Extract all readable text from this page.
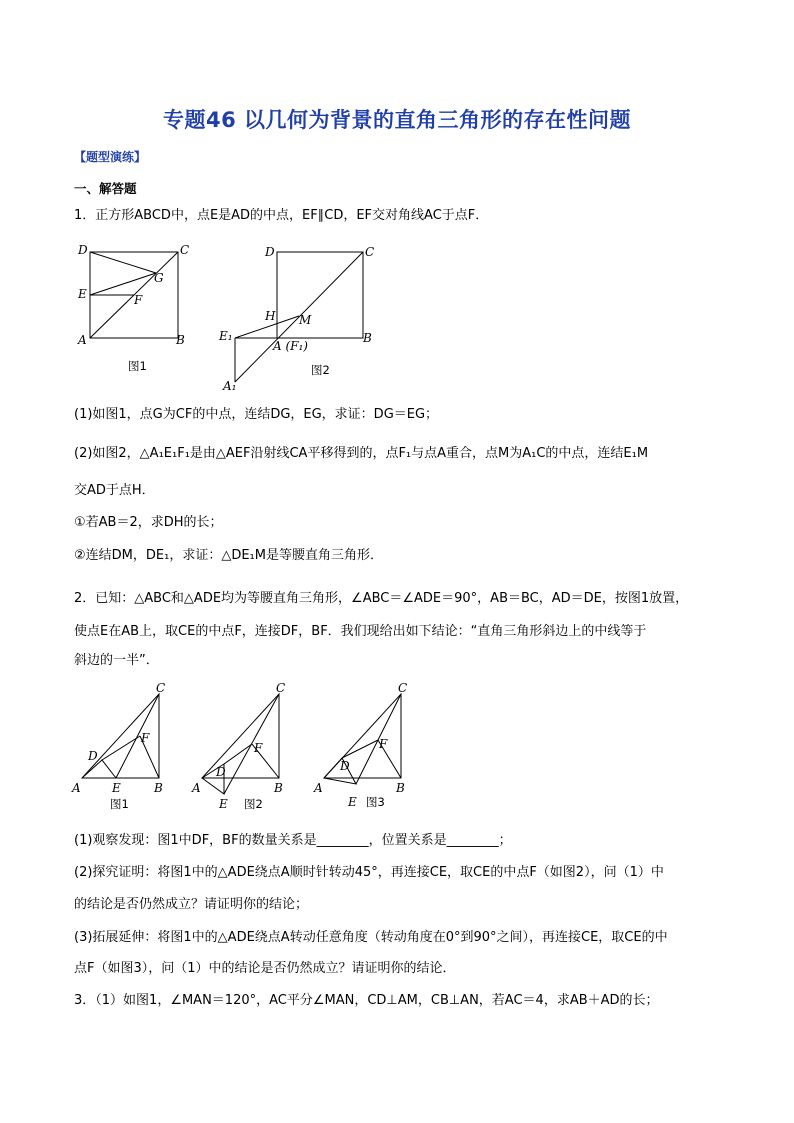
专题46 以几何为背景的直角三角形的存在性问题
【题型演练】
一、解答题
1．正方形ABCD中，点E是AD的中点，EF∥CD，EF交对角线AC于点F．
D	C
G
E	F
A	B
图1
D	C
H M
E₁
A (F₁)
B
A₁
图2
(1)如图1，点G为CF的中点，连结DG，EG，求证：DG＝EG；
(2)如图2，△A₁E₁F₁是由△AEF沿射线CA平移得到的，点F₁与点A重合，点M为A₁C的中点，连结E₁M
交AD于点H．
①若AB＝2，求DH的长；
②连结DM，DE₁，求证：△DE₁M是等腰直角三角形．
2．已知：△ABC和△ADE均为等腰直角三角形，∠ABC＝∠ADE＝90°，AB＝BC，AD＝DE，按图1放置，
使点E在AB上，取CE的中点F，连接DF，BF．我们现给出如下结论：“直角三角形斜边上的中线等于
斜边的一半”．
C
D
F
A	E	B
图1
C
D
F
A
E
B
图2
C
D
F
A
E
B
图3
(1)观察发现：图1中DF，BF的数量关系是________，位置关系是________；
(2)探究证明：将图1中的△ADE绕点A顺时针转动45°，再连接CE，取CE的中点F（如图2），问（1）中
的结论是否仍然成立？请证明你的结论；
(3)拓展延伸：将图1中的△ADE绕点A转动任意角度（转动角度在0°到90°之间），再连接CE，取CE的中
点F（如图3），问（1）中的结论是否仍然成立？请证明你的结论．
3．（1）如图1，∠MAN＝120°，AC平分∠MAN，CD⊥AM，CB⊥AN，若AC＝4，求AB＋AD的长；
